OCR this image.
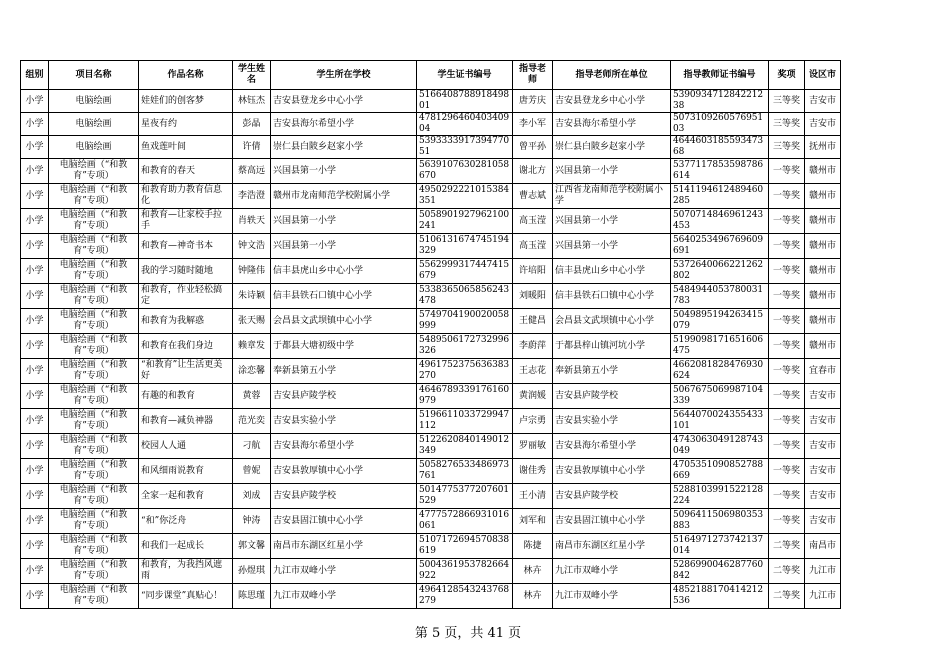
组别	项目名称	作品名称	学生姓名	学生所在学校	学生证书编号	指导老师	指导老师所在单位	指导教师证书编号	奖项	设区市
小学	电脑绘画	娃娃们的创客梦	林钰杰	吉安县登龙乡中心小学	516640878891849801	唐芳庆	吉安县登龙乡中心小学	539093471284221238	三等奖	吉安市
小学	电脑绘画	星夜有约	彭晶	吉安县海尔希望小学	478129646040340904	李小军	吉安县海尔希望小学	507310926057695103	三等奖	吉安市
小学	电脑绘画	鱼戏莲叶间	许倩	崇仁县白陂乡赵家小学	539333391739477051	曾平孙	崇仁县白陂乡赵家小学	464460318559347368	三等奖	抚州市
小学	电脑绘画（“和教育”专项）	和教育的春天	蔡高远	兴国县第一小学	5639107630281058670	谢北方	兴国县第一小学	5377117853598786614	一等奖	赣州市
小学	电脑绘画（“和教育”专项）	和教育助力教育信息化	李浩澄	赣州市龙南师范学校附属小学	4950292221015384351	曹志斌	江西省龙南师范学校附属小学	5141194612489460285	一等奖	赣州市
小学	电脑绘画（“和教育”专项）	和教育—让家校手拉手	肖轶天	兴国县第一小学	5058901927962100241	高玉滢	兴国县第一小学	5070714846961243453	一等奖	赣州市
小学	电脑绘画（“和教育”专项）	和教育—神奇书本	钟文浩	兴国县第一小学	5106131674745194329	高玉滢	兴国县第一小学	5640253496769609691	一等奖	赣州市
小学	电脑绘画（“和教育”专项）	我的学习随时随地	钟隆伟	信丰县虎山乡中心小学	5562999317447415679	许培阳	信丰县虎山乡中心小学	5372640066221262802	一等奖	赣州市
小学	电脑绘画（“和教育”专项）	和教育，作业轻松搞定	朱诗颖	信丰县铁石口镇中心小学	5338365065856243478	刘暖阳	信丰县铁石口镇中心小学	5484944053780031783	一等奖	赣州市
小学	电脑绘画（“和教育”专项）	和教育为我解惑	张天赐	会昌县文武坝镇中心小学	5749704190020058999	王健昌	会昌县文武坝镇中心小学	5049895194263415079	一等奖	赣州市
小学	电脑绘画（“和教育”专项）	和教育在我们身边	赖章发	于都县大塘初级中学	5489506172732996326	李蔚萍	于都县梓山镇河坑小学	5199098171651606475	一等奖	赣州市
小学	电脑绘画（“和教育”专项）	“和教育”让生活更美好	涂恋馨	奉新县第五小学	4961752375636383270	王志花	奉新县第五小学	4662081828476930624	一等奖	宜春市
小学	电脑绘画（“和教育”专项）	有趣的和教育	黄蓉	吉安县庐陵学校	4646789339176160979	黄润媛	吉安县庐陵学校	5067675069987104339	一等奖	吉安市
小学	电脑绘画（“和教育”专项）	和教育—减负神器	范光奕	吉安县实验小学	5196611033729947112	卢宗勇	吉安县实验小学	5644070024355433101	一等奖	吉安市
小学	电脑绘画（“和教育”专项）	校园人人通	刁航	吉安县海尔希望小学	5122620840149012349	罗丽敏	吉安县海尔希望小学	4743063049128743049	一等奖	吉安市
小学	电脑绘画（“和教育”专项）	和风细雨说教育	曾妮	吉安县敦厚镇中心小学	5058276533486973761	谢佳秀	吉安县敦厚镇中心小学	4705351090852788669	一等奖	吉安市
小学	电脑绘画（“和教育”专项）	全家一起和教育	刘成	吉安县庐陵学校	5014775377207601529	王小清	吉安县庐陵学校	5288103991522128224	一等奖	吉安市
小学	电脑绘画（“和教育”专项）	“和”你泛舟	钟涛	吉安县固江镇中心小学	4777572866931016061	刘军和	吉安县固江镇中心小学	5096411506980353883	一等奖	吉安市
小学	电脑绘画（“和教育”专项）	和我们一起成长	郭文馨	南昌市东湖区红星小学	5107172694570838619	陈捷	南昌市东湖区红星小学	5164971273742137014	二等奖	南昌市
小学	电脑绘画（“和教育”专项）	和教育，为我挡风遮雨	孙煜琪	九江市双峰小学	5004361953782664922	林卉	九江市双峰小学	5286990046287760842	二等奖	九江市
小学	电脑绘画（“和教育”专项）	“同步课堂”真贴心！	陈思瑾	九江市双峰小学	4964128543243768279	林卉	九江市双峰小学	4852188170414212536	二等奖	九江市
第 5 页，共 41 页
